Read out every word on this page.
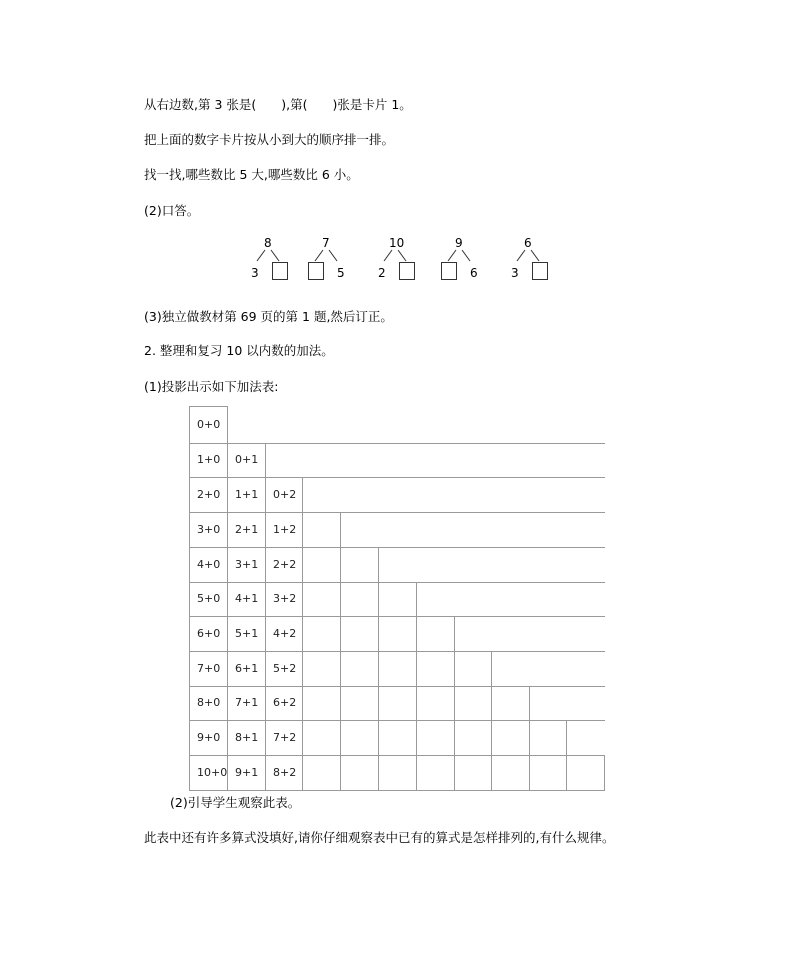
从右边数,第 3 张是(　　),第(　　)张是卡片 1。
把上面的数字卡片按从小到大的顺序排一排。
找一找,哪些数比 5 大,哪些数比 6 小。
(2)口答。
8
3
7
5
10
2
9
6
6
3
(3)独立做教材第 69 页的第 1 题,然后订正。
2. 整理和复习 10 以内数的加法。
(1)投影出示如下加法表:
0+0
1+0 0+1
2+0 1+1 0+2
3+0 2+1 1+2
4+0 3+1 2+2
5+0 4+1 3+2
6+0 5+1 4+2
7+0 6+1 5+2
8+0 7+1 6+2
9+0 8+1 7+2
10+0 9+1 8+2
(2)引导学生观察此表。
此表中还有许多算式没填好,请你仔细观察表中已有的算式是怎样排列的,有什么规律。
